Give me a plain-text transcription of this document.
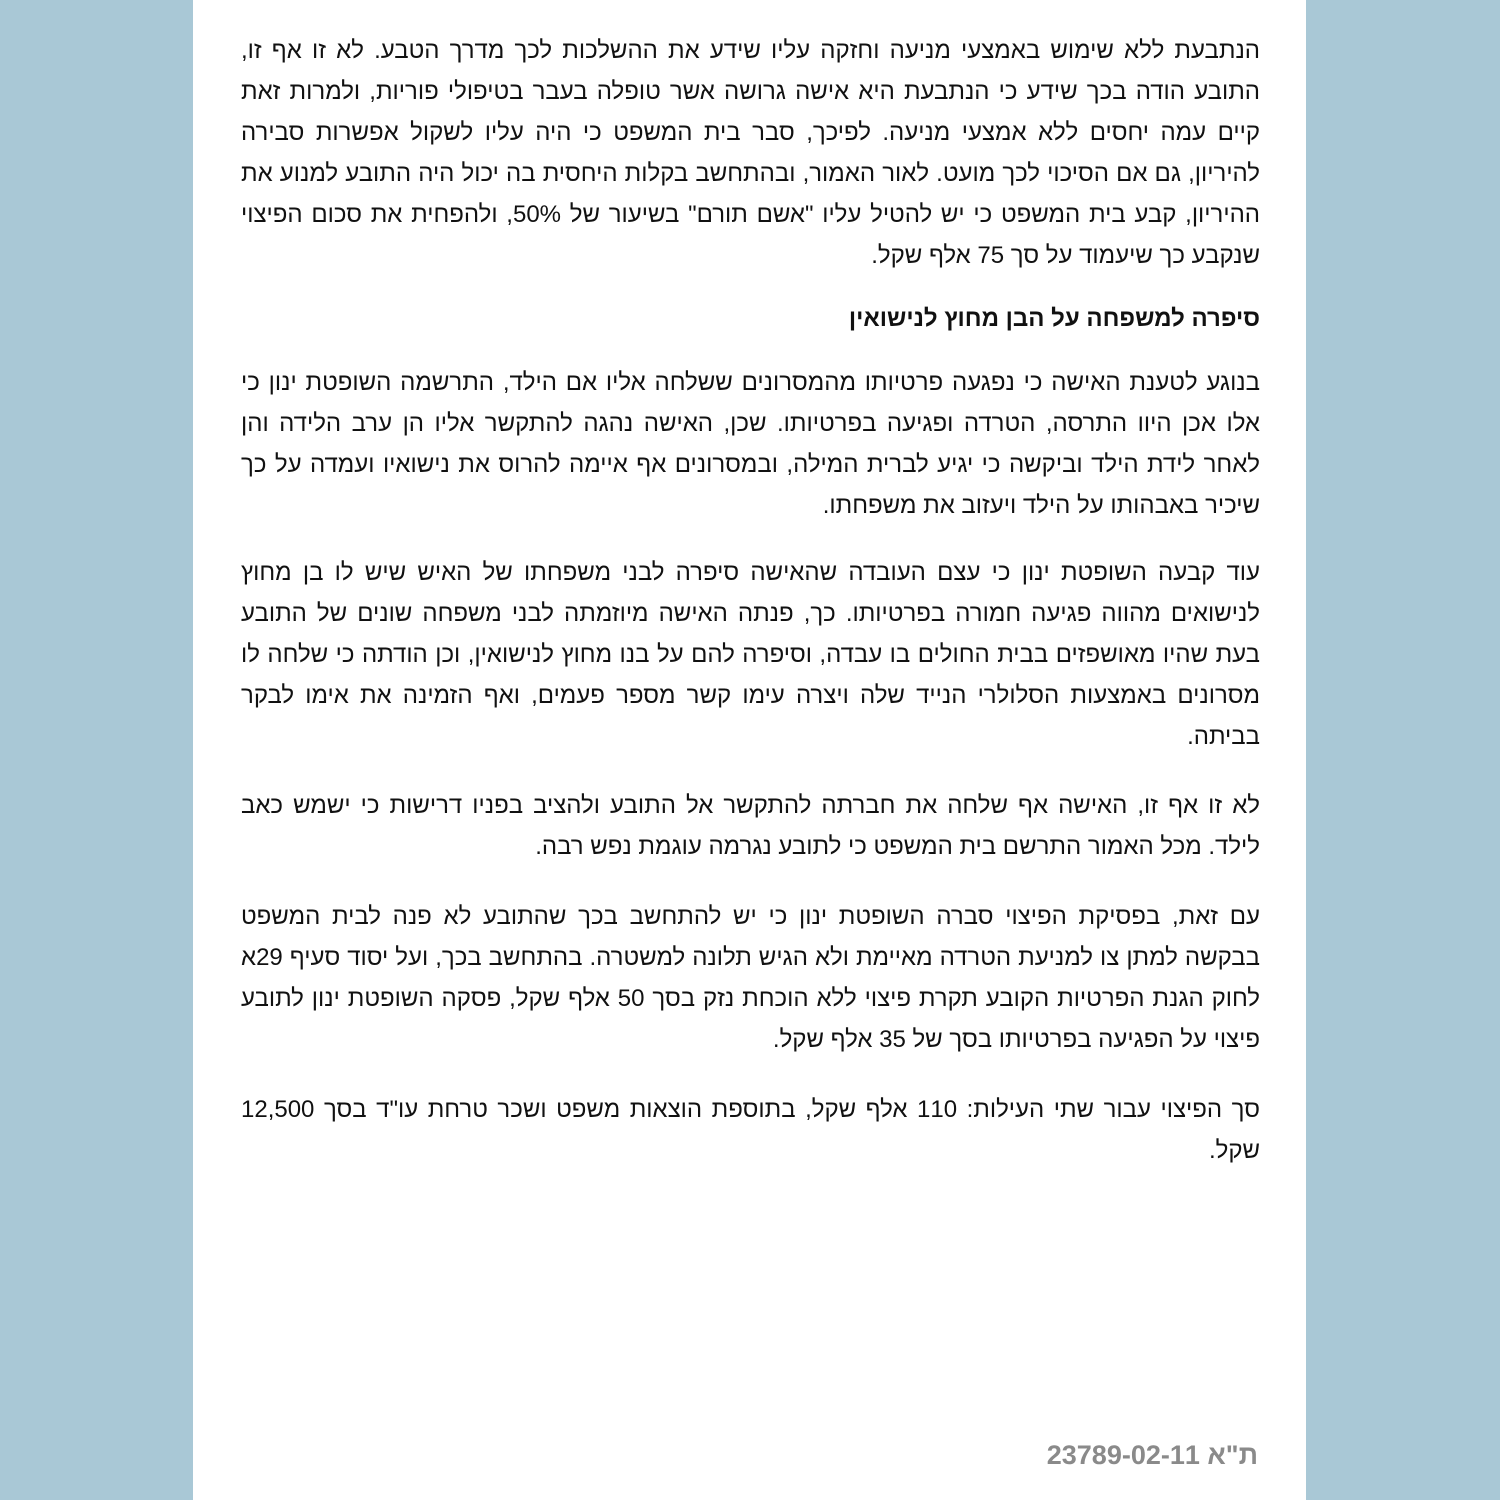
הנתבעת ללא שימוש באמצעי מניעה וחזקה עליו שידע את ההשלכות לכך מדרך הטבע. לא זו אף זו, התובע הודה בכך שידע כי הנתבעת היא אישה גרושה אשר טופלה בעבר בטיפולי פוריות, ולמרות זאת קיים עמה יחסים ללא אמצעי מניעה. לפיכך, סבר בית המשפט כי היה עליו לשקול אפשרות סבירה להיריון, גם אם הסיכוי לכך מועט. לאור האמור, ובהתחשב בקלות היחסית בה יכול היה התובע למנוע את ההיריון, קבע בית המשפט כי יש להטיל עליו "אשם תורם" בשיעור של 50%, ולהפחית את סכום הפיצוי שנקבע כך שיעמוד על סך 75 אלף שקל.

סיפרה למשפחה על הבן מחוץ לנישואין

בנוגע לטענת האישה כי נפגעה פרטיותו מהמסרונים ששלחה אליו אם הילד, התרשמה השופטת ינון כי אלו אכן היוו התרסה, הטרדה ופגיעה בפרטיותו. שכן, האישה נהגה להתקשר אליו הן ערב הלידה והן לאחר לידת הילד וביקשה כי יגיע לברית המילה, ובמסרונים אף איימה להרוס את נישואיו ועמדה על כך שיכיר באבהותו על הילד ויעזוב את משפחתו.

עוד קבעה השופטת ינון כי עצם העובדה שהאישה סיפרה לבני משפחתו של האיש שיש לו בן מחוץ לנישואים מהווה פגיעה חמורה בפרטיותו. כך, פנתה האישה מיוזמתה לבני משפחה שונים של התובע בעת שהיו מאושפזים בבית החולים בו עבדה, וסיפרה להם על בנו מחוץ לנישואין, וכן הודתה כי שלחה לו מסרונים באמצעות הסלולרי הנייד שלה ויצרה עימו קשר מספר פעמים, ואף הזמינה את אימו לבקר בביתה.

לא זו אף זו, האישה אף שלחה את חברתה להתקשר אל התובע ולהציב בפניו דרישות כי ישמש כאב לילד. מכל האמור התרשם בית המשפט כי לתובע נגרמה עוגמת נפש רבה.

עם זאת, בפסיקת הפיצוי סברה השופטת ינון כי יש להתחשב בכך שהתובע לא פנה לבית המשפט בבקשה למתן צו למניעת הטרדה מאיימת ולא הגיש תלונה למשטרה. בהתחשב בכך, ועל יסוד סעיף 29א לחוק הגנת הפרטיות הקובע תקרת פיצוי ללא הוכחת נזק בסך 50 אלף שקל, פסקה השופטת ינון לתובע פיצוי על הפגיעה בפרטיותו בסך של 35 אלף שקל.

סך הפיצוי עבור שתי העילות: 110 אלף שקל, בתוספת הוצאות משפט ושכר טרחת עו"ד בסך 12,500 שקל.

ת"א 23789-02-11
